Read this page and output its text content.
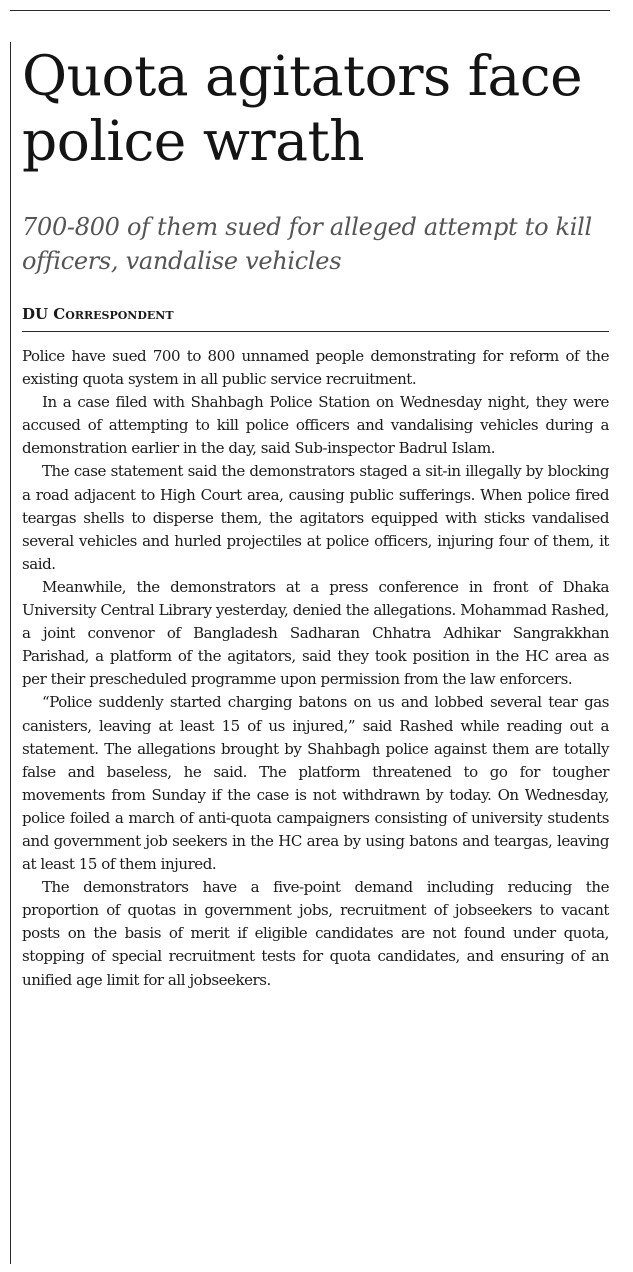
Quota agitators face police wrath
700-800 of them sued for alleged attempt to kill officers, vandalise vehicles
DU Correspondent

Police have sued 700 to 800 unnamed people demonstrating for reform of the existing quota system in all public service recruitment.

In a case filed with Shahbagh Police Station on Wednesday night, they were accused of attempting to kill police officers and vandalising vehicles during a demonstration earlier in the day, said Sub-inspector Badrul Islam.

The case statement said the demonstrators staged a sit-in illegally by blocking a road adjacent to High Court area, causing public sufferings. When police fired teargas shells to disperse them, the agitators equipped with sticks vandalised several vehicles and hurled projectiles at police officers, injuring four of them, it said.

Meanwhile, the demonstrators at a press conference in front of Dhaka University Central Library yesterday, denied the allegations. Mohammad Rashed, a joint convenor of Bangladesh Sadharan Chhatra Adhikar Sangrakkhan Parishad, a platform of the agitators, said they took position in the HC area as per their prescheduled programme upon permission from the law enforcers.

“Police suddenly started charging batons on us and lobbed several tear gas canisters, leaving at least 15 of us injured,” said Rashed while reading out a statement. The allegations brought by Shahbagh police against them are totally false and baseless, he said. The platform threatened to go for tougher movements from Sunday if the case is not withdrawn by today. On Wednesday, police foiled a march of anti-quota campaigners consisting of university students and government job seekers in the HC area by using batons and teargas, leaving at least 15 of them injured.

The demonstrators have a five-point demand including reducing the proportion of quotas in government jobs, recruitment of jobseekers to vacant posts on the basis of merit if eligible candidates are not found under quota, stopping of special recruitment tests for quota candidates, and ensuring of an unified age limit for all jobseekers.
